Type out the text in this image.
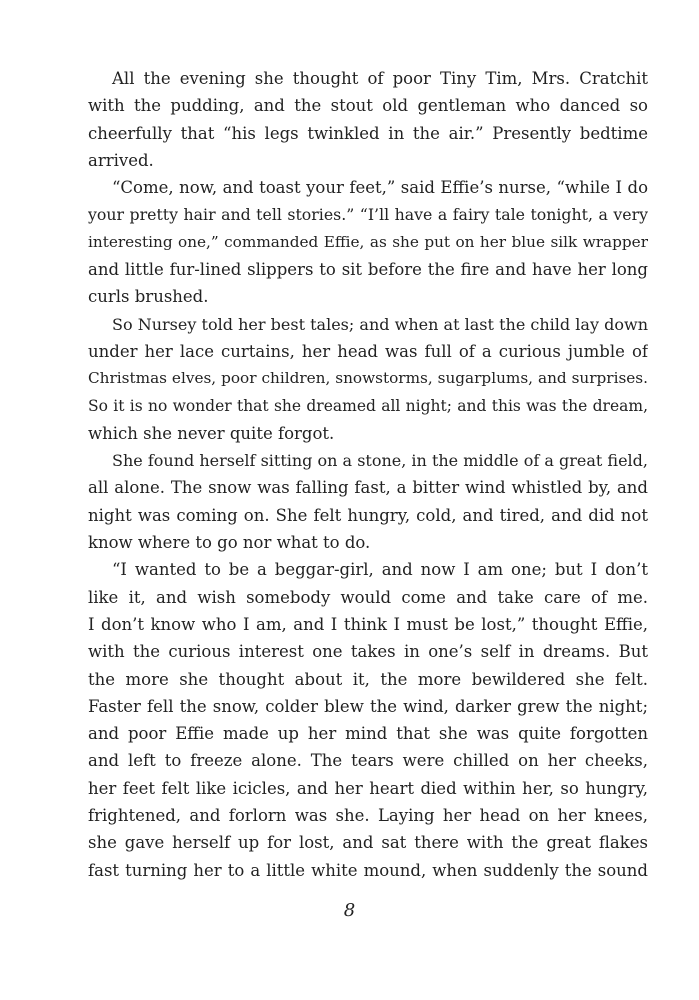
All the evening she thought of poor Tiny Tim, Mrs. Cratchit
with the pudding, and the stout old gentleman who danced so
cheerfully that “his legs twinkled in the air.” Presently bedtime
arrived.
“Come, now, and toast your feet,” said Effie’s nurse, “while I do
your pretty hair and tell stories.” “I’ll have a fairy tale tonight, a very
interesting one,” commanded Effie, as she put on her blue silk wrapper
and little fur-lined slippers to sit before the fire and have her long
curls brushed.
So Nursey told her best tales; and when at last the child lay down
under her lace curtains, her head was full of a curious jumble of
Christmas elves, poor children, snowstorms, sugarplums, and surprises.
So it is no wonder that she dreamed all night; and this was the dream,
which she never quite forgot.
She found herself sitting on a stone, in the middle of a great field,
all alone. The snow was falling fast, a bitter wind whistled by, and
night was coming on. She felt hungry, cold, and tired, and did not
know where to go nor what to do.
“I wanted to be a beggar-girl, and now I am one; but I don’t
like it, and wish somebody would come and take care of me.
I don’t know who I am, and I think I must be lost,” thought Effie,
with the curious interest one takes in one’s self in dreams. But
the more she thought about it, the more bewildered she felt.
Faster fell the snow, colder blew the wind, darker grew the night;
and poor Effie made up her mind that she was quite forgotten
and left to freeze alone. The tears were chilled on her cheeks,
her feet felt like icicles, and her heart died within her, so hungry,
frightened, and forlorn was she. Laying her head on her knees,
she gave herself up for lost, and sat there with the great flakes
fast turning her to a little white mound, when suddenly the sound
8
